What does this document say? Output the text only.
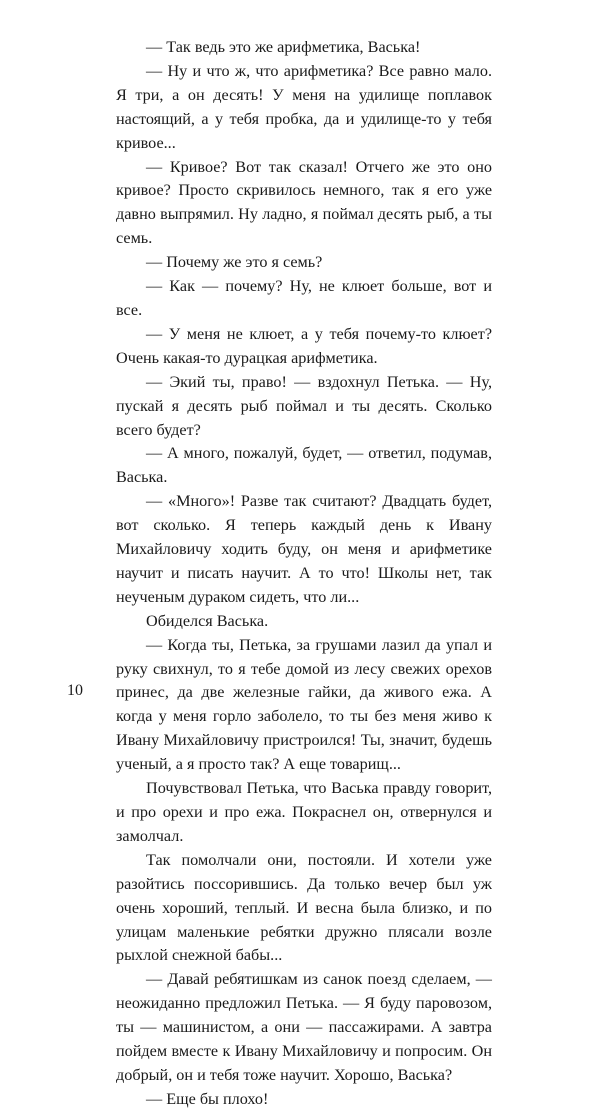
— Так ведь это же арифметика, Васька!

— Ну и что ж, что арифметика? Все равно мало. Я три, а он десять! У меня на удилище поплавок настоящий, а у тебя пробка, да и удилище-то у тебя кривое...

— Кривое? Вот так сказал! Отчего же это оно кривое? Просто скривилось немного, так я его уже давно выпрямил. Ну ладно, я поймал десять рыб, а ты семь.

— Почему же это я семь?

— Как — почему? Ну, не клюет больше, вот и все.

— У меня не клюет, а у тебя почему-то клюет? Очень какая-то дурацкая арифметика.

— Экий ты, право! — вздохнул Петька. — Ну, пускай я десять рыб поймал и ты десять. Сколько всего будет?

— А много, пожалуй, будет, — ответил, подумав, Васька.

— «Много»! Разве так считают? Двадцать будет, вот сколько. Я теперь каждый день к Ивану Михайловичу ходить буду, он меня и арифметике научит и писать научит. А то что! Школы нет, так неученым дураком сидеть, что ли...

Обиделся Васька.

— Когда ты, Петька, за грушами лазил да упал и руку свихнул, то я тебе домой из лесу свежих орехов принес, да две железные гайки, да живого ежа. А когда у меня горло заболело, то ты без меня живо к Ивану Михайловичу пристроился! Ты, значит, будешь ученый, а я просто так? А еще товарищ...

Почувствовал Петька, что Васька правду говорит, и про орехи и про ежа. Покраснел он, отвернулся и замолчал.

Так помолчали они, постояли. И хотели уже разойтись поссорившись. Да только вечер был уж очень хороший, теплый. И весна была близко, и по улицам маленькие ребятки дружно плясали возле рыхлой снежной бабы...

— Давай ребятишкам из санок поезд сделаем, — неожиданно предложил Петька. — Я буду паровозом, ты — машинистом, а они — пассажирами. А завтра пойдем вместе к Ивану Михайловичу и попросим. Он добрый, он и тебя тоже научит. Хорошо, Васька?

— Еще бы плохо!

10
